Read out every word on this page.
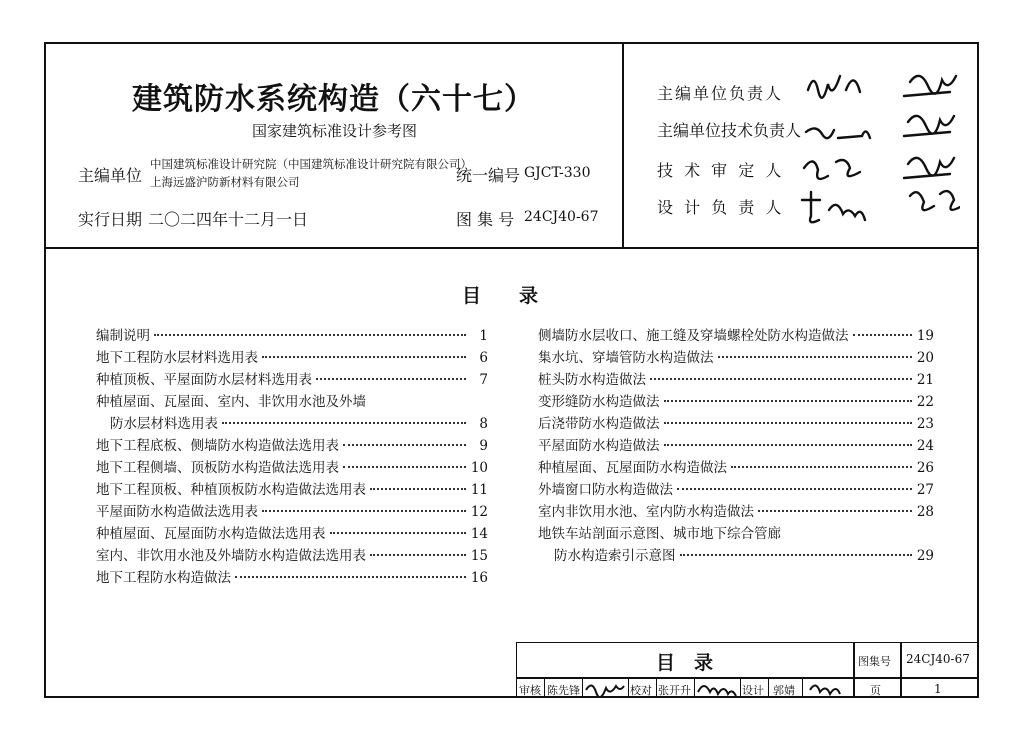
建筑防水系统构造（六十七）
国家建筑标准设计参考图
主编单位
中国建筑标准设计研究院（中国建筑标准设计研究院有限公司）
上海远盛沪防新材料有限公司	统一编号 GJCT-330
实行日期 二〇二四年十二月一日	图 集 号 24CJ40-67
主编单位负责人
主编单位技术负责人
技 术 审 定 人
设 计 负 责 人
目　　录
编制说明	1
地下工程防水层材料选用表	6
种植顶板、平屋面防水层材料选用表	7
种植屋面、瓦屋面、室内、非饮用水池及外墙
防水层材料选用表	8
地下工程底板、侧墙防水构造做法选用表	9
地下工程侧墙、顶板防水构造做法选用表	10
地下工程顶板、种植顶板防水构造做法选用表	11
平屋面防水构造做法选用表	12
种植屋面、瓦屋面防水构造做法选用表	14
室内、非饮用水池及外墙防水构造做法选用表	15
地下工程防水构造做法	16
侧墙防水层收口、施工缝及穿墙螺栓处防水构造做法	19
集水坑、穿墙管防水构造做法	20
桩头防水构造做法	21
变形缝防水构造做法	22
后浇带防水构造做法	23
平屋面防水构造做法	24
种植屋面、瓦屋面防水构造做法	26
外墙窗口防水构造做法	27
室内非饮用水池、室内防水构造做法	28
地铁车站剖面示意图、城市地下综合管廊
防水构造索引示意图	29
目　录	图集号 24CJ40-67
审核 陈先锋	校对 张开升	设计 郭婧	页	1
